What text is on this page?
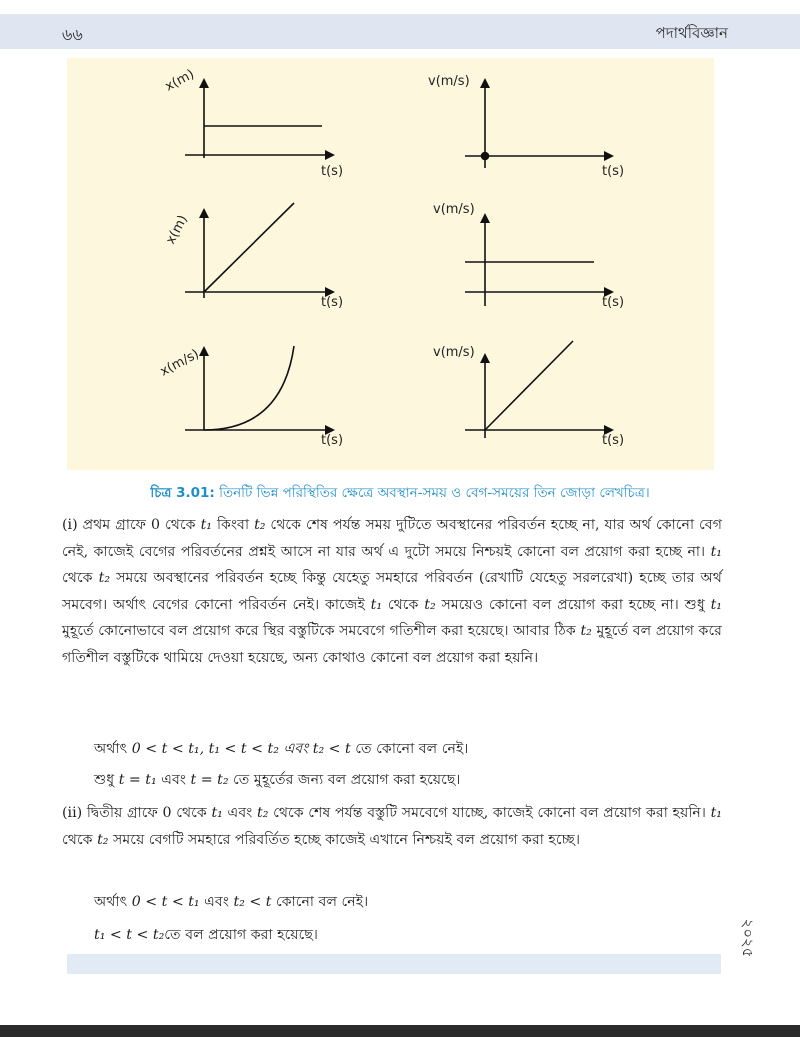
৬৬	পদার্থবিজ্ঞান
x(m)
t(s)
v(m/s)
t(s)
x(m)
t(s)
v(m/s)
t(s)
x(m/s)
t(s)
v(m/s)
t(s)
চিত্র 3.01: তিনটি ভিন্ন পরিস্থিতির ক্ষেত্রে অবস্থান-সময় ও বেগ-সময়ের তিন জোড়া লেখচিত্র।

(i) প্রথম গ্রাফে 0 থেকে t₁ কিংবা t₂ থেকে শেষ পর্যন্ত সময় দুটিতে অবস্থানের পরিবর্তন হচ্ছে না, যার অর্থ কোনো বেগ নেই, কাজেই বেগের পরিবর্তনের প্রশ্নই আসে না যার অর্থ এ দুটো সময়ে নিশ্চয়ই কোনো বল প্রয়োগ করা হচ্ছে না। t₁ থেকে t₂ সময়ে অবস্থানের পরিবর্তন হচ্ছে কিন্তু যেহেতু সমহারে পরিবর্তন (রেখাটি যেহেতু সরলরেখা) হচ্ছে তার অর্থ সমবেগ। অর্থাৎ বেগের কোনো পরিবর্তন নেই। কাজেই t₁ থেকে t₂ সময়েও কোনো বল প্রয়োগ করা হচ্ছে না। শুধু t₁ মুহূর্তে কোনোভাবে বল প্রয়োগ করে স্থির বস্তুটিকে সমবেগে গতিশীল করা হয়েছে। আবার ঠিক t₂ মুহূর্তে বল প্রয়োগ করে গতিশীল বস্তুটিকে থামিয়ে দেওয়া হয়েছে, অন্য কোথাও কোনো বল প্রয়োগ করা হয়নি।

অর্থাৎ 0 < t < t₁, t₁ < t < t₂ এবং t₂ < t তে কোনো বল নেই।
শুধু t = t₁ এবং t = t₂ তে মুহূর্তের জন্য বল প্রয়োগ করা হয়েছে।

(ii) দ্বিতীয় গ্রাফে 0 থেকে t₁ এবং t₂ থেকে শেষ পর্যন্ত বস্তুটি সমবেগে যাচ্ছে, কাজেই কোনো বল প্রয়োগ করা হয়নি। t₁ থেকে t₂ সময়ে বেগটি সমহারে পরিবর্তিত হচ্ছে কাজেই এখানে নিশ্চয়ই বল প্রয়োগ করা হচ্ছে।

অর্থাৎ 0 < t < t₁ এবং t₂ < t কোনো বল নেই।
t₁ < t < t₂তে বল প্রয়োগ করা হয়েছে।	২০২৫
